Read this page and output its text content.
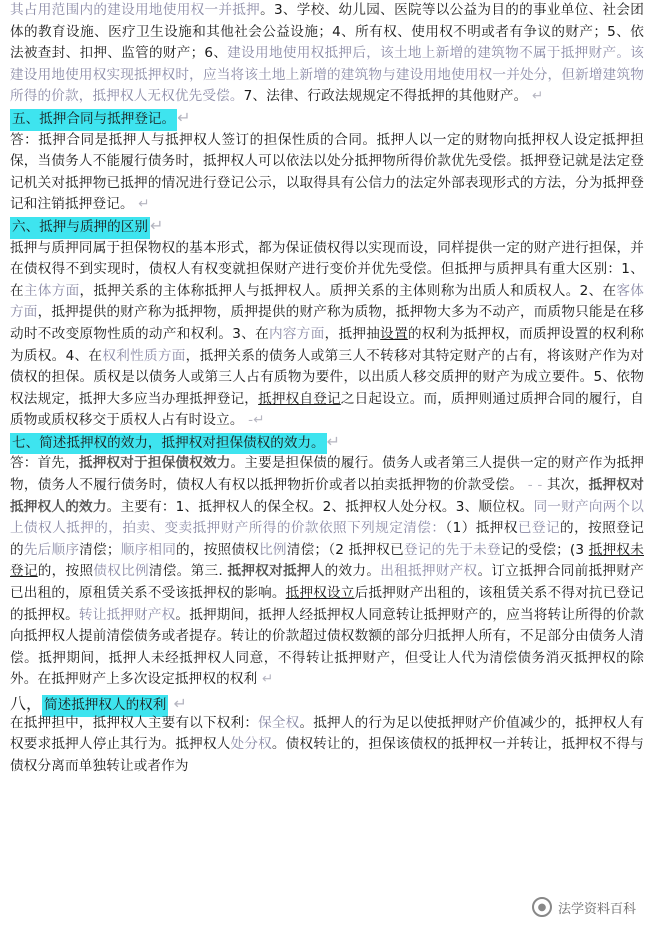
其占用范围内的建设用地使用权一并抵押。3、学校、幼儿园、医院等以公益为目的的事业单位、社会团体的教育设施、医疗卫生设施和其他社会公益设施；4、所有权、使用权不明或者有争议的财产；5、依法被查封、扣押、监管的财产；6、建设用地使用权抵押后，该土地上新增的建筑物不属于抵押财产。该建设用地使用权实现抵押权时，应当将该土地上新增的建筑物与建设用地使用权一并处分，但新增建筑物所得的价款，抵押权人无权优先受偿。7、法律、行政法规规定不得抵押的其他财产。 ↵

五、抵押合同与抵押登记。 ↵

答：抵押合同是抵押人与抵押权人签订的担保性质的合同。抵押人以一定的财物向抵押权人设定抵押担保，当债务人不能履行债务时，抵押权人可以依法以处分抵押物所得价款优先受偿。抵押登记就是法定登记机关对抵押物已抵押的情况进行登记公示，以取得具有公信力的法定外部表现形式的方法，分为抵押登记和注销抵押登记。 ↵

六、抵押与质押的区别 ↵

抵押与质押同属于担保物权的基本形式，都为保证债权得以实现而设，同样提供一定的财产进行担保，并在债权得不到实现时，债权人有权变就担保财产进行变价并优先受偿。但抵押与质押具有重大区别：1、在主体方面，抵押关系的主体称抵押人与抵押权人。质押关系的主体则称为出质人和质权人。2、在客体方面，抵押提供的财产称为抵押物，质押提供的财产称为质物，抵押物大多为不动产，而质物只能是在移动时不改变原物性质的动产和权利。3、在内容方面，抵押抽设置的权利为抵押权，而质押设置的权利称为质权。4、在权利性质方面，抵押关系的债务人或第三人不转移对其特定财产的占有，将该财产作为对债权的担保。质权是以债务人或第三人占有质物为要件，以出质人移交质押的财产为成立要件。5、依物权法规定，抵押大多应当办理抵押登记，抵押权自登记之日起设立。而，质押则通过质押合同的履行，自质物或质权移交于质权人占有时设立。 -↵

七、简述抵押权的效力，抵押权对担保债权的效力。 ↵

答：首先，抵押权对于担保债权效力。主要是担保债的履行。债务人或者第三人提供一定的财产作为抵押物，债务人不履行债务时，债权人有权以抵押物折价或者以拍卖抵押物的价款受偿。 - - 其次，抵押权对抵押权人的效力。主要有：1、抵押权人的保全权。2、抵押权人处分权。3、顺位权。同一财产向两个以上债权人抵押的，拍卖、变卖抵押财产所得的价款依照下列规定清偿：（1）抵押权已登记的，按照登记的先后顺序清偿；顺序相同的，按照债权比例清偿；（2 抵押权已登记的先于未登记的受偿；(3 抵押权未登记的，按照债权比例清偿。第三. 抵押权对抵押人的效力。出租抵押财产权。订立抵押合同前抵押财产已出租的，原租赁关系不受该抵押权的影响。抵押权设立后抵押财产出租的，该租赁关系不得对抗已登记的抵押权。转让抵押财产权。抵押期间，抵押人经抵押权人同意转让抵押财产的，应当将转让所得的价款向抵押权人提前清偿债务或者提存。转让的价款超过债权数额的部分归抵押人所有，不足部分由债务人清偿。抵押期间，抵押人未经抵押权人同意，不得转让抵押财产，但受让人代为清偿债务消灭抵押权的除外。在抵押财产上多次设定抵押权的权利 ↵

八， 简述抵押权人的权利 ↵

在抵押担中，抵押权人主要有以下权利：保全权。抵押人的行为足以使抵押财产价值减少的，抵押权人有权要求抵押人停止其行为。抵押权人处分权。债权转让的，担保该债权的抵押权一并转让，抵押权不得与债权分离而单独转让或者作为

● 法学资料百科
